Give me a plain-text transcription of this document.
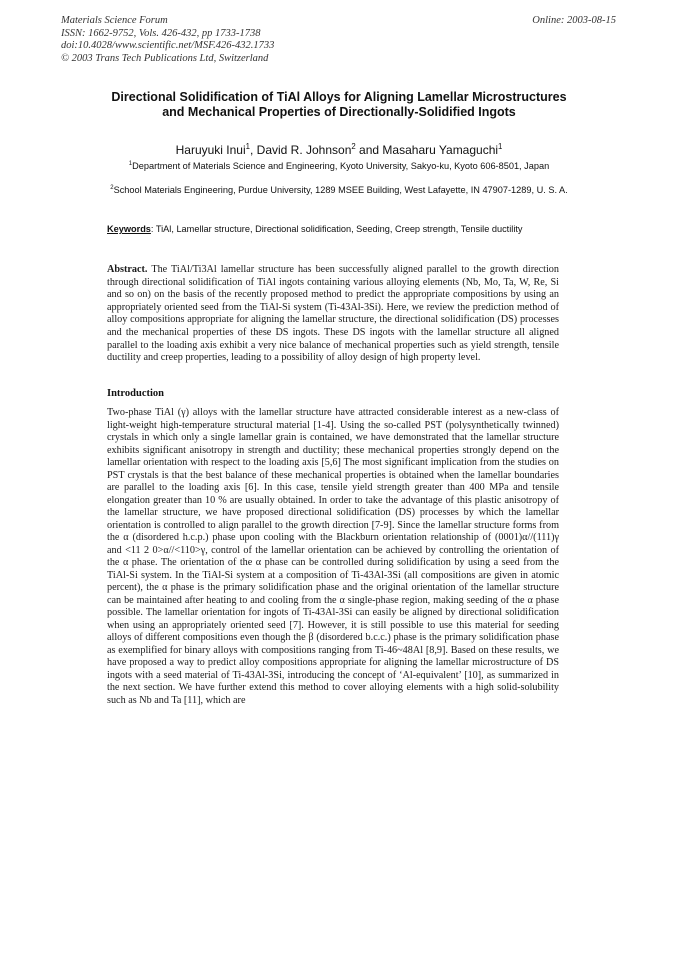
Materials Science Forum
ISSN: 1662-9752, Vols. 426-432, pp 1733-1738
doi:10.4028/www.scientific.net/MSF.426-432.1733
© 2003 Trans Tech Publications Ltd, Switzerland
Online: 2003-08-15
Directional Solidification of TiAl Alloys for Aligning Lamellar Microstructures and Mechanical Properties of Directionally-Solidified Ingots
Haruyuki Inui$^1$, David R. Johnson$^2$ and Masaharu Yamaguchi$^1$
$^1$Department of Materials Science and Engineering, Kyoto University, Sakyo-ku, Kyoto 606-8501, Japan
$^2$School Materials Engineering, Purdue University, 1289 MSEE Building, West Lafayette, IN 47907-1289, U. S. A.
Keywords: TiAl, Lamellar structure, Directional solidification, Seeding, Creep strength, Tensile ductility
Abstract. The TiAl/Ti3Al lamellar structure has been successfully aligned parallel to the growth direction through directional solidification of TiAl ingots containing various alloying elements (Nb, Mo, Ta, W, Re, Si and so on) on the basis of the recently proposed method to predict the appropriate compositions by using an appropriately oriented seed from the TiAl-Si system (Ti-43Al-3Si). Here, we review the prediction method of alloy compositions appropriate for aligning the lamellar structure, the directional solidification (DS) processes and the mechanical properties of these DS ingots. These DS ingots with the lamellar structure all aligned parallel to the loading axis exhibit a very nice balance of mechanical properties such as yield strength, tensile ductility and creep properties, leading to a possibility of alloy design of high property level.
Introduction

Two-phase TiAl (γ) alloys with the lamellar structure have attracted considerable interest as a new-class of light-weight high-temperature structural material [1-4]. Using the so-called PST (polysynthetically twinned) crystals in which only a single lamellar grain is contained, we have demonstrated that the lamellar structure exhibits significant anisotropy in strength and ductility; these mechanical properties strongly depend on the lamellar orientation with respect to the loading axis [5,6] The most significant implication from the studies on PST crystals is that the best balance of these mechanical properties is obtained when the lamellar boundaries are parallel to the loading axis [6]. In this case, tensile yield strength greater than 400 MPa and tensile elongation greater than 10 % are usually obtained. In order to take the advantage of this plastic anisotropy of the lamellar structure, we have proposed directional solidification (DS) processes by which the lamellar orientation is controlled to align parallel to the growth direction [7-9]. Since the lamellar structure forms from the α (disordered h.c.p.) phase upon cooling with the Blackburn orientation relationship of (0001)α//(111)γ and <11 2 0>α//<110>γ, control of the lamellar orientation can be achieved by controlling the orientation of the α phase. The orientation of the α phase can be controlled during solidification by using a seed from the TiAl-Si system. In the TiAl-Si system at a composition of Ti-43Al-3Si (all compositions are given in atomic percent), the α phase is the primary solidification phase and the original orientation of the lamellar structure can be maintained after heating to and cooling from the α single-phase region, making seeding of the α phase possible. The lamellar orientation for ingots of Ti-43Al-3Si can easily be aligned by directional solidification when using an appropriately oriented seed [7]. However, it is still possible to use this material for seeding alloys of different compositions even though the β (disordered b.c.c.) phase is the primary solidification phase as exemplified for binary alloys with compositions ranging from Ti-46~48Al [8,9]. Based on these results, we have proposed a way to predict alloy compositions appropriate for aligning the lamellar microstructure of DS ingots with a seed material of Ti-43Al-3Si, introducing the concept of ‘Al-equivalent’ [10], as summarized in the next section. We have further extend this method to cover alloying elements with a high solid-solubility such as Nb and Ta [11], which are
